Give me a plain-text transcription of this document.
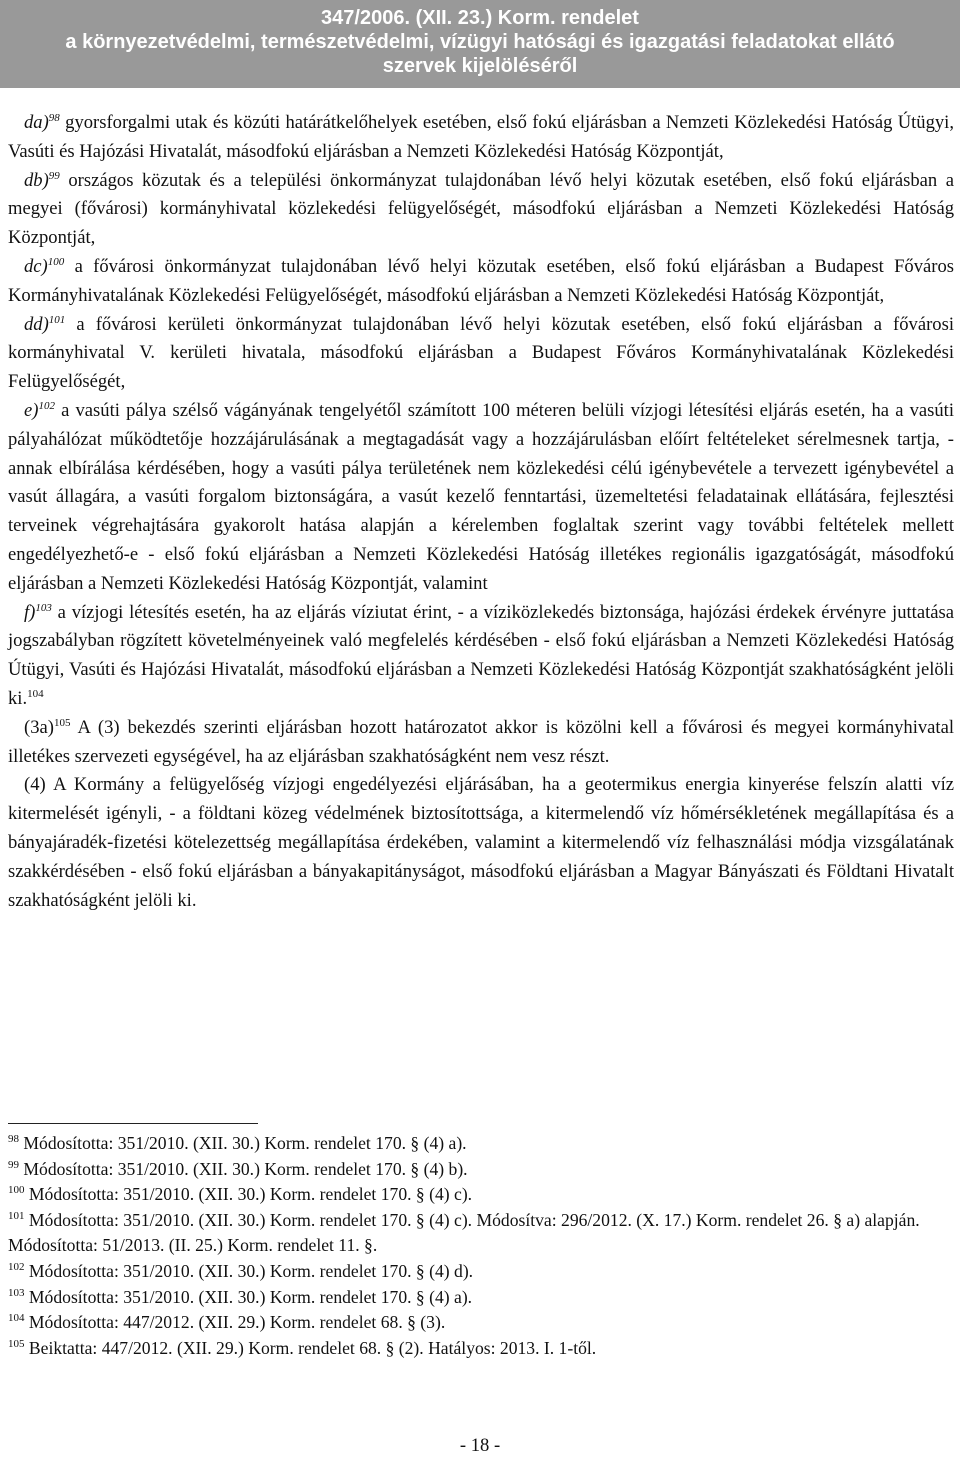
347/2006. (XII. 23.) Korm. rendelet
a környezetvédelmi, természetvédelmi, vízügyi hatósági és igazgatási feladatokat ellátó
szervek kijelöléséről

da)$^{98}$ gyorsforgalmi utak és közúti határátkelőhelyek esetében, első fokú eljárásban a Nemzeti Közlekedési Hatóság Útügyi, Vasúti és Hajózási Hivatalát, másodfokú eljárásban a Nemzeti Közlekedési Hatóság Központját,

db)$^{99}$ országos közutak és a települési önkormányzat tulajdonában lévő helyi közutak esetében, első fokú eljárásban a megyei (fővárosi) kormányhivatal közlekedési felügyelőségét, másodfokú eljárásban a Nemzeti Közlekedési Hatóság Központját,

dc)$^{100}$ a fővárosi önkormányzat tulajdonában lévő helyi közutak esetében, első fokú eljárásban a Budapest Főváros Kormányhivatalának Közlekedési Felügyelőségét, másodfokú eljárásban a Nemzeti Közlekedési Hatóság Központját,

dd)$^{101}$ a fővárosi kerületi önkormányzat tulajdonában lévő helyi közutak esetében, első fokú eljárásban a fővárosi kormányhivatal V. kerületi hivatala, másodfokú eljárásban a Budapest Főváros Kormányhivatalának Közlekedési Felügyelőségét,

e)$^{102}$ a vasúti pálya szélső vágányának tengelyétől számított 100 méteren belüli vízjogi létesítési eljárás esetén, ha a vasúti pályahálózat működtetője hozzájárulásának a megtagadását vagy a hozzájárulásban előírt feltételeket sérelmesnek tartja, - annak elbírálása kérdésében, hogy a vasúti pálya területének nem közlekedési célú igénybevétele a tervezett igénybevétel a vasút állagára, a vasúti forgalom biztonságára, a vasút kezelő fenntartási, üzemeltetési feladatainak ellátására, fejlesztési terveinek végrehajtására gyakorolt hatása alapján a kérelemben foglaltak szerint vagy további feltételek mellett engedélyezhető-e - első fokú eljárásban a Nemzeti Közlekedési Hatóság illetékes regionális igazgatóságát, másodfokú eljárásban a Nemzeti Közlekedési Hatóság Központját, valamint

f)$^{103}$ a vízjogi létesítés esetén, ha az eljárás víziutat érint, - a víziközlekedés biztonsága, hajózási érdekek érvényre juttatása jogszabályban rögzített követelményeinek való megfelelés kérdésében - első fokú eljárásban a Nemzeti Közlekedési Hatóság Útügyi, Vasúti és Hajózási Hivatalát, másodfokú eljárásban a Nemzeti Közlekedési Hatóság Központját szakhatóságként jelöli ki.$^{104}$

$(3a)^{105}$ A (3) bekezdés szerinti eljárásban hozott határozatot akkor is közölni kell a fővárosi és megyei kormányhivatal illetékes szervezeti egységével, ha az eljárásban szakhatóságként nem vesz részt.

(4) A Kormány a felügyelőség vízjogi engedélyezési eljárásában, ha a geotermikus energia kinyerése felszín alatti víz kitermelését igényli, - a földtani közeg védelmének biztosítottsága, a kitermelendő víz hőmérsékletének megállapítása és a bányajáradék-fizetési kötelezettség megállapítása érdekében, valamint a kitermelendő víz felhasználási módja vizsgálatának szakkérdésében - első fokú eljárásban a bányakapitányságot, másodfokú eljárásban a Magyar Bányászati és Földtani Hivatalt szakhatóságként jelöli ki.

$^{98}$ Módosította: 351/2010. (XII. 30.) Korm. rendelet 170. § (4) a).

$^{99}$ Módosította: 351/2010. (XII. 30.) Korm. rendelet 170. § (4) b).

$^{100}$ Módosította: 351/2010. (XII. 30.) Korm. rendelet 170. § (4) c).

$^{101}$ Módosította: 351/2010. (XII. 30.) Korm. rendelet 170. § (4) c). Módosítva: 296/2012. (X. 17.) Korm. rendelet 26. § a) alapján. Módosította: 51/2013. (II. 25.) Korm. rendelet 11. §.

$^{102}$ Módosította: 351/2010. (XII. 30.) Korm. rendelet 170. § (4) d).

$^{103}$ Módosította: 351/2010. (XII. 30.) Korm. rendelet 170. § (4) a).

$^{104}$ Módosította: 447/2012. (XII. 29.) Korm. rendelet 68. § (3).

$^{105}$ Beiktatta: 447/2012. (XII. 29.) Korm. rendelet 68. § (2). Hatályos: 2013. I. 1-től.

- 18 -
